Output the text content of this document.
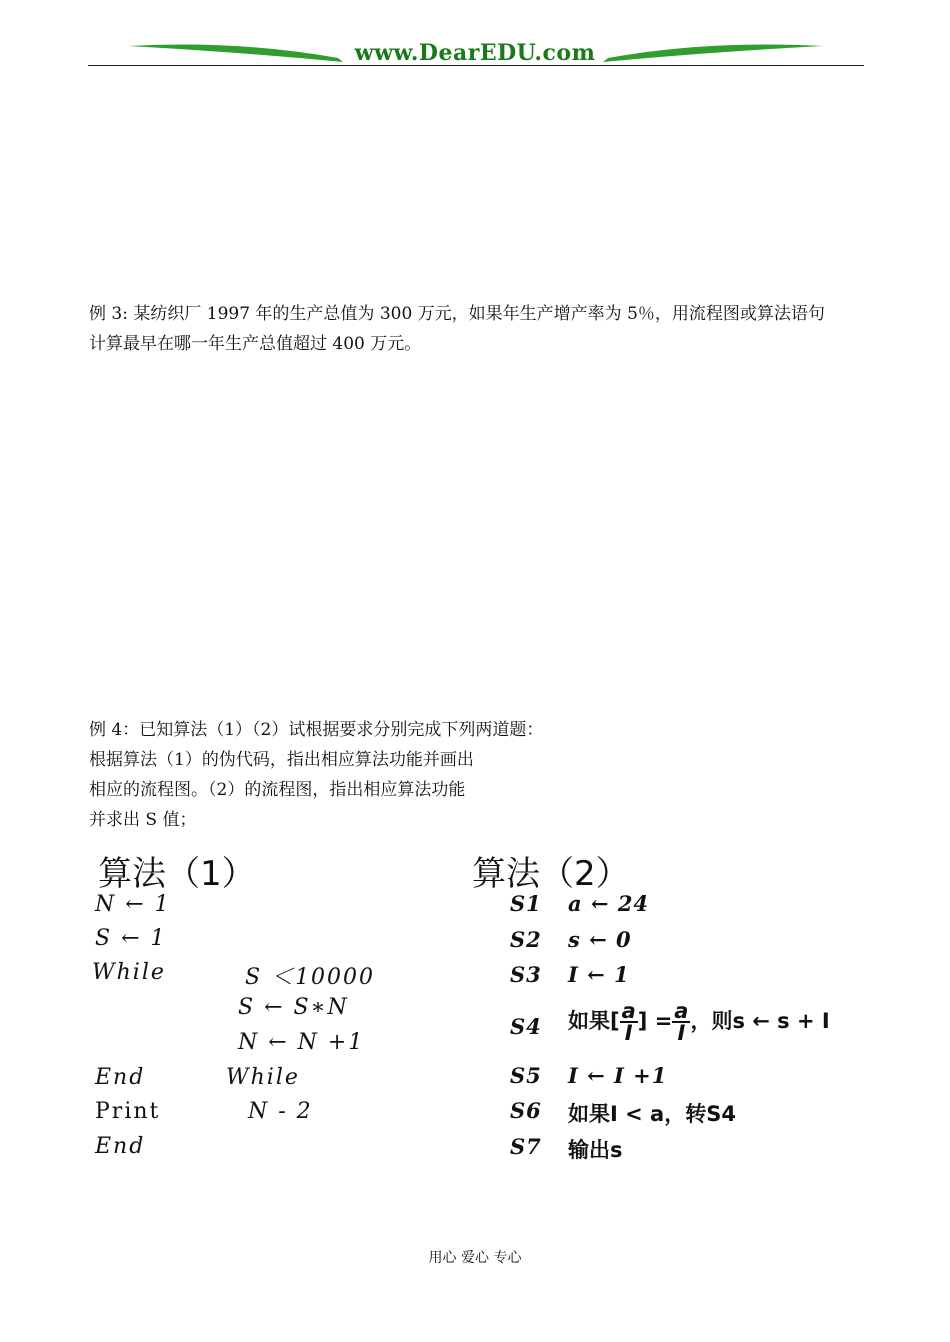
www.DearEDU.com
例 3: 某纺织厂 1997 年的生产总值为 300 万元，如果年生产增产率为 5％，用流程图或算法语句
计算最早在哪一年生产总值超过 400 万元。
例 4：已知算法（1）（2）试根据要求分别完成下列两道题：
根据算法（1）的伪代码，指出相应算法功能并画出
相应的流程图。（2）的流程图，指出相应算法功能
并求出 S 值；
算法（1）
N ← 1
S ← 1
While	S ＜10000
S ← S∗N
N ← N +1
End	While
Print	N - 2
End
算法（2）
S1 a ← 24
S2 s ← 0
S3 I ← 1
S4 如果[ $\frac{a}{I}$ ] = $\frac{a}{I}$ ，则s ← s + I
S5 I ← I +1
S6 如果I < a，转S4
S7 输出s
用心 爱心 专心
